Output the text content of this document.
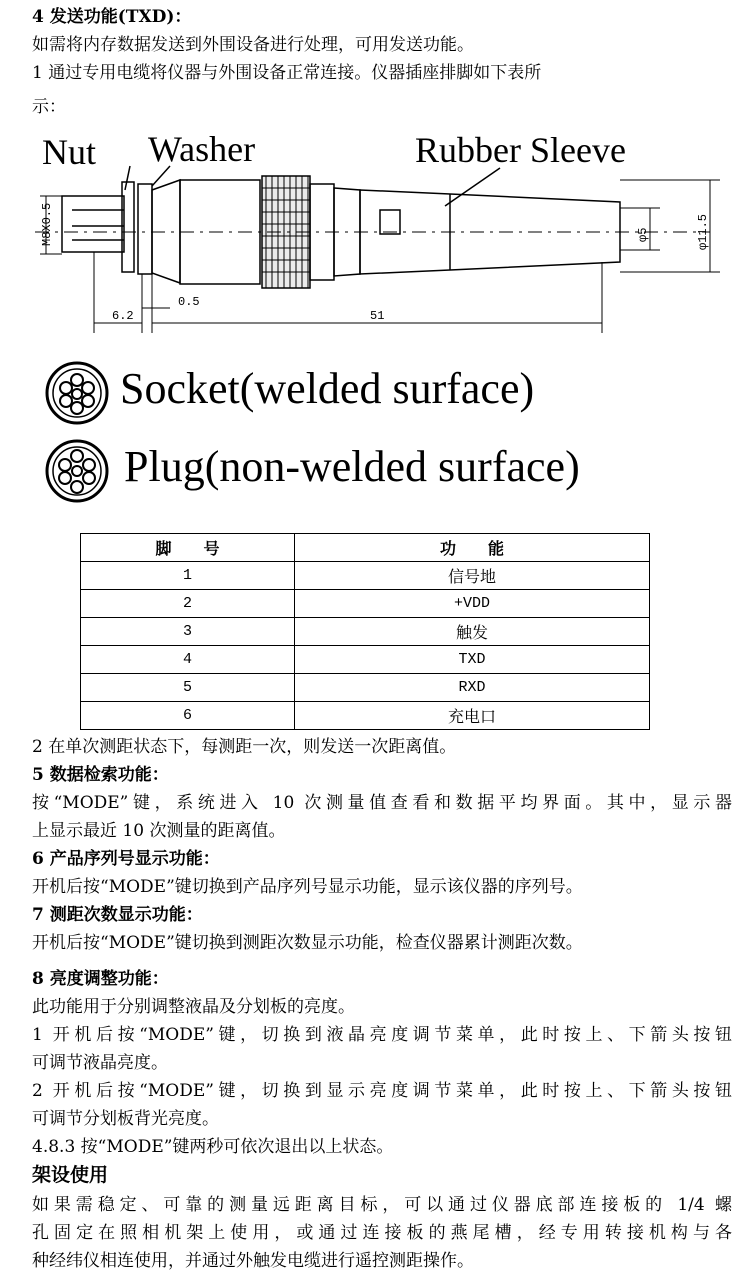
4 发送功能(TXD)：
如需将内存数据发送到外围设备进行处理，可用发送功能。
1 通过专用电缆将仪器与外围设备正常连接。仪器插座排脚如下表所
示：
Nut Washer	Rubber Sleeve
M8X0.5
6.2
0.5
51
φ5	φ11.5
Socket(welded surface)
Plug(non-welded surface)
脚　　号	功　　能
1	信号地
2	+VDD
3	触发
4	TXD
5	RXD
6	充电口
2 在单次测距状态下，每测距一次，则发送一次距离值。
5 数据检索功能：
按“MODE”键，系统进入 10 次测量值查看和数据平均界面。其中，显示器
上显示最近 10 次测量的距离值。
6 产品序列号显示功能：
开机后按“MODE”键切换到产品序列号显示功能，显示该仪器的序列号。
7 测距次数显示功能：
开机后按“MODE”键切换到测距次数显示功能，检查仪器累计测距次数。
8 亮度调整功能：
此功能用于分别调整液晶及分划板的亮度。
1 开机后按“MODE”键，切换到液晶亮度调节菜单，此时按上、下箭头按钮
可调节液晶亮度。
2 开机后按“MODE”键，切换到显示亮度调节菜单，此时按上、下箭头按钮
可调节分划板背光亮度。
4.8.3 按“MODE”键两秒可依次退出以上状态。
架设使用
如果需稳定、可靠的测量远距离目标，可以通过仪器底部连接板的 1/4 螺
孔固定在照相机架上使用，或通过连接板的燕尾槽，经专用转接机构与各
种经纬仪相连使用，并通过外触发电缆进行遥控测距操作。
